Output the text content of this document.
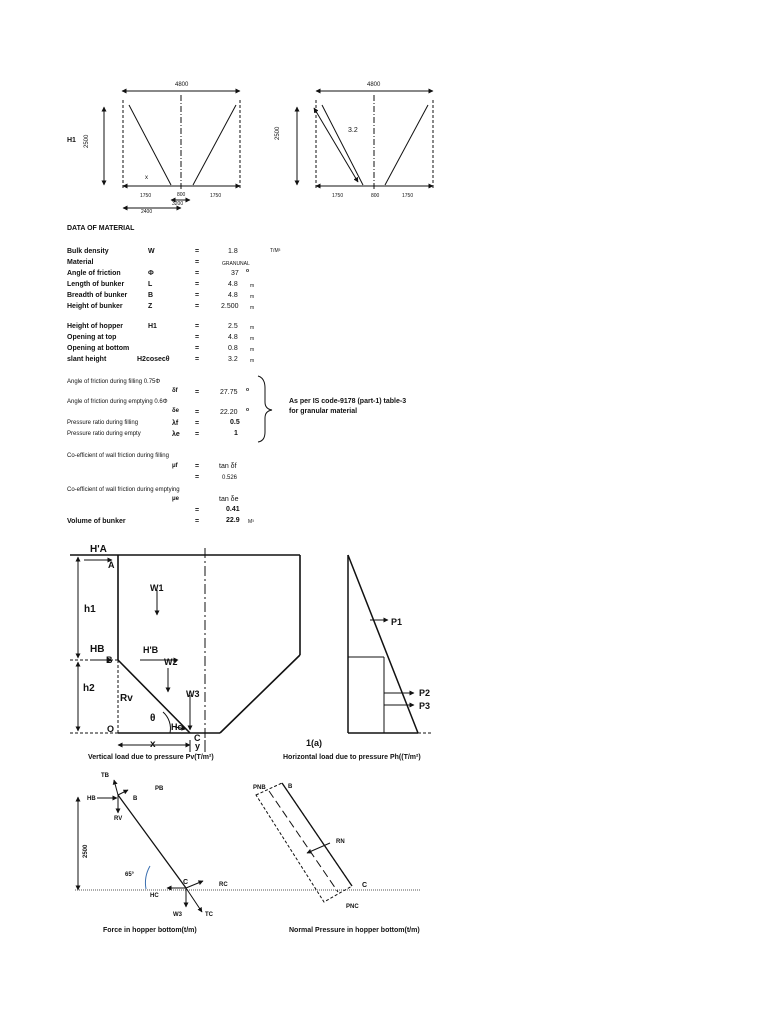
4800
H1 2500
x
1750	800	1750
3200
2400
4800
2500	3.2
1750	800	1750
DATA OF MATERIAL
Bulk density	W	=	1.8	T/M³
Material	=	GRANUNAL
Angle of friction	Φ	=	37 o
Length of bunker	L	=	4.8 m
Breadth of bunker	B	=	4.8 m
Height of bunker	Z	=	2.500 m
Height of hopper	H1	=	2.5 m
Opening at top	=	4.8 m
Opening at bottom	=	0.8 m
slant height	H2cosecθ	=	3.2 m
Angle of friction during filling 0.75Φ
δf =	27.75 o
Angle of friction during emptying 0.6Φ
δe =	22.20 o
Pressure ratio during filling	λf =	0.5
Pressure ratio during empty	λe =	1
As per IS code-9178 (part-1) table-3
for granular material
Co-efficient of wall friction during filling
μf =	tan δf
=	0.526
Co-efficient of wall friction during emptying
μe	tan δe
=	0.41
Volume of bunker	=	22.9 M³
H'A
A
W1
h1
HB	H'B
B	W2
h2
Rv	W3
θ
Hc
O
C
x	y
P1
P2
P3
1(a)
Vertical load due to pressure Pv(T/m²)	Horizontal load due to pressure Ph((T/m²)
TB
HB	B
PB
RV
2500
65°
C	RC
HC
W3	TC
PNB	B
RN
C
PNC
Force in hopper bottom(t/m)	Normal Pressure in hopper bottom(t/m)
